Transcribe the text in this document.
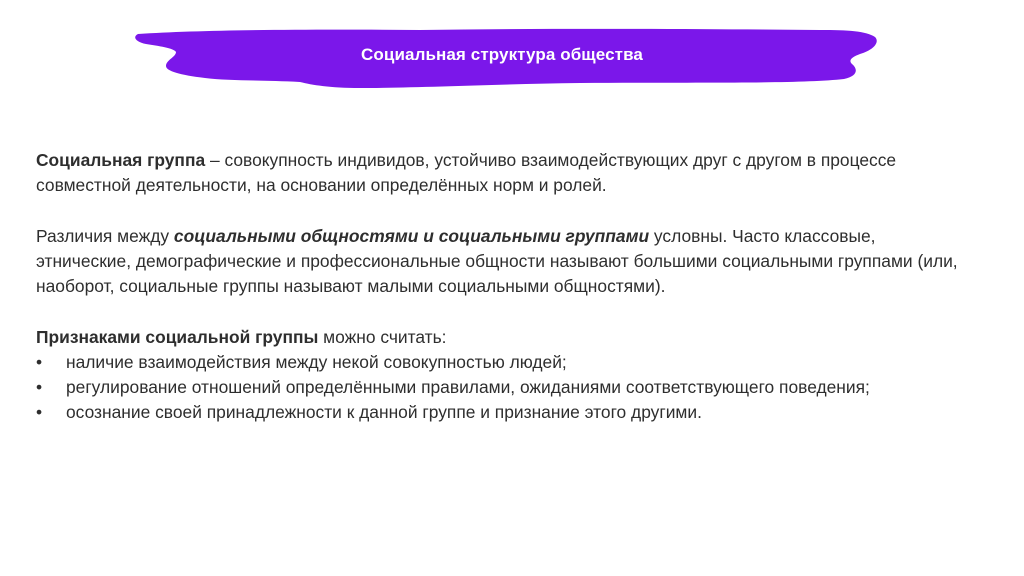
Социальная структура общества

Социальная группа – совокупность индивидов, устойчиво взаимодействующих друг с другом в процессе совместной деятельности, на основании определённых норм и ролей.

Различия между социальными общностями и социальными группами условны. Часто классовые, этнические, демографические и профессиональные общности называют большими социальными группами (или, наоборот, социальные группы называют малыми социальными общностями).

Признаками социальной группы можно считать:

• наличие взаимодействия между некой совокупностью людей;
• регулирование отношений определёнными правилами, ожиданиями соответствующего поведения;
• осознание своей принадлежности к данной группе и признание этого другими.
